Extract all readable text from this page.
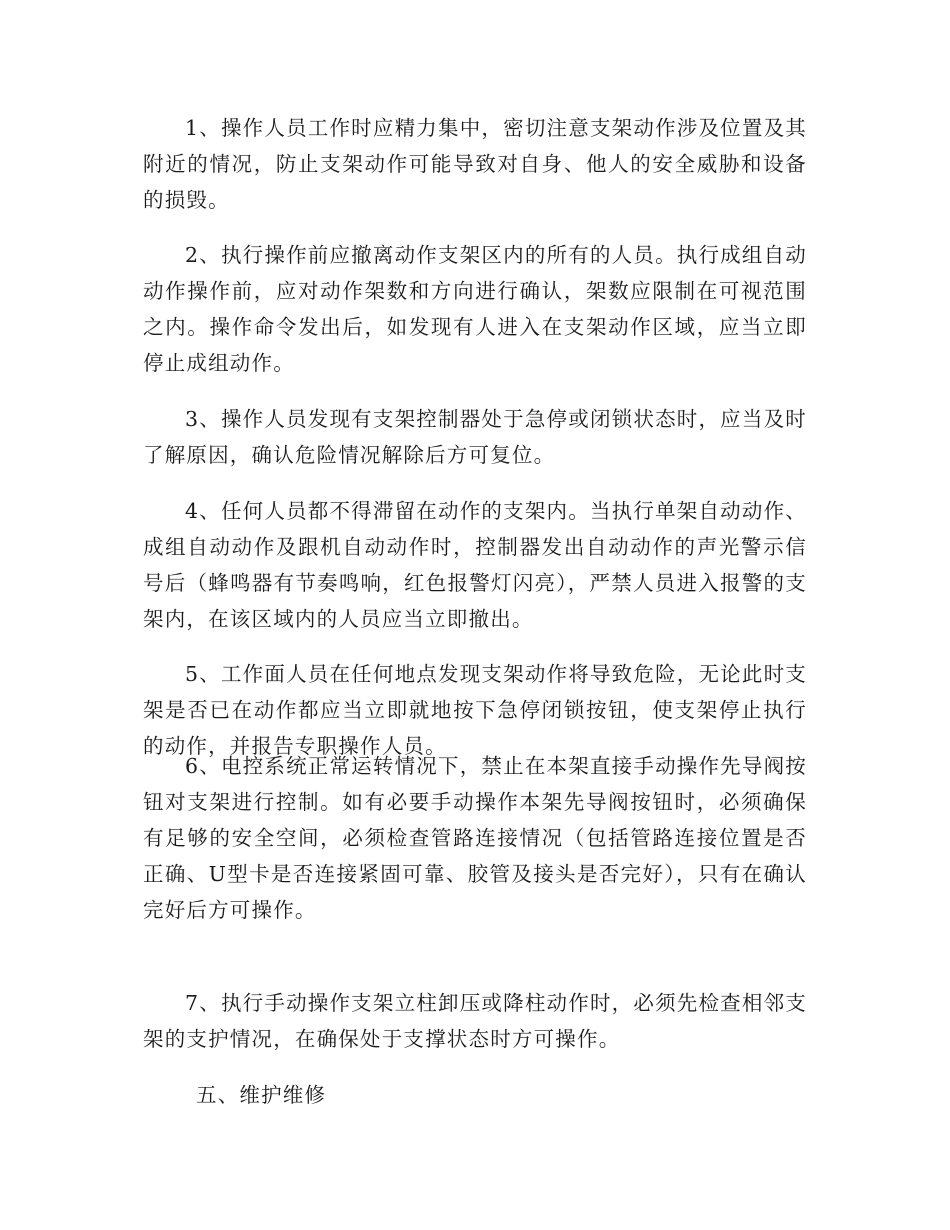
1、操作人员工作时应精力集中，密切注意支架动作涉及位置及其附近的情况，防止支架动作可能导致对自身、他人的安全威胁和设备的损毁。

2、执行操作前应撤离动作支架区内的所有的人员。执行成组自动动作操作前，应对动作架数和方向进行确认，架数应限制在可视范围之内。操作命令发出后，如发现有人进入在支架动作区域，应当立即停止成组动作。

3、操作人员发现有支架控制器处于急停或闭锁状态时，应当及时了解原因，确认危险情况解除后方可复位。

4、任何人员都不得滞留在动作的支架内。当执行单架自动动作、成组自动动作及跟机自动动作时，控制器发出自动动作的声光警示信号后（蜂鸣器有节奏鸣响，红色报警灯闪亮），严禁人员进入报警的支架内，在该区域内的人员应当立即撤出。

5、工作面人员在任何地点发现支架动作将导致危险，无论此时支架是否已在动作都应当立即就地按下急停闭锁按钮，使支架停止执行的动作，并报告专职操作人员。

6、电控系统正常运转情况下，禁止在本架直接手动操作先导阀按钮对支架进行控制。如有必要手动操作本架先导阀按钮时，必须确保有足够的安全空间，必须检查管路连接情况（包括管路连接位置是否正确、U型卡是否连接紧固可靠、胶管及接头是否完好），只有在确认完好后方可操作。

7、执行手动操作支架立柱卸压或降柱动作时，必须先检查相邻支架的支护情况，在确保处于支撑状态时方可操作。

五、维护维修
